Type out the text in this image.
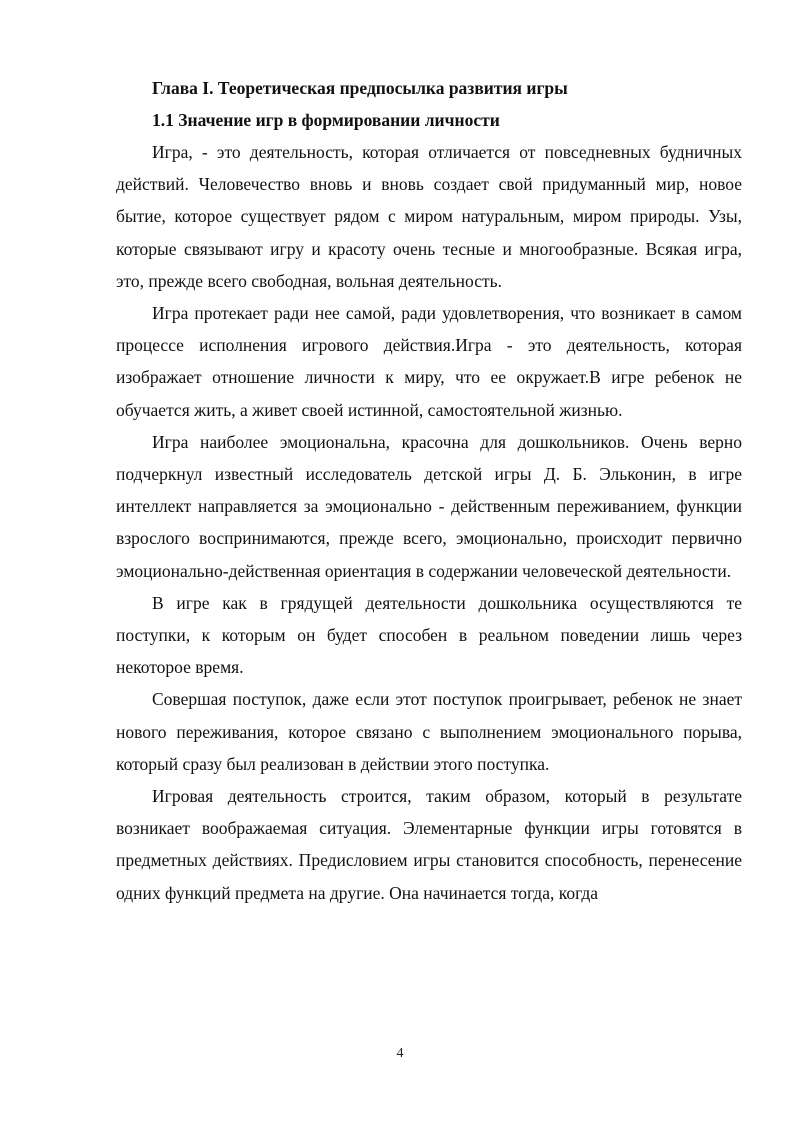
Глава I. Теоретическая предпосылка развития игры

1.1 Значение игр в формировании личности

Игра, - это деятельность, которая отличается от повседневных будничных действий. Человечество вновь и вновь создает свой придуманный мир, новое бытие, которое существует рядом с миром натуральным, миром природы. Узы, которые связывают игру и красоту очень тесные и многообразные. Всякая игра, это, прежде всего свободная, вольная деятельность.

Игра протекает ради нее самой, ради удовлетворения, что возникает в самом процессе исполнения игрового действия.Игра - это деятельность, которая изображает отношение личности к миру, что ее окружает.В игре ребенок не обучается жить, а живет своей истинной, самостоятельной жизнью.

Игра наиболее эмоциональна, красочна для дошкольников. Очень верно подчеркнул известный исследователь детской игры Д. Б. Эльконин, в игре интеллект направляется за эмоционально - действенным переживанием, функции взрослого воспринимаются, прежде всего, эмоционально, происходит первично эмоционально-действенная ориентация в содержании человеческой деятельности.

В игре как в грядущей деятельности дошкольника осуществляются те поступки, к которым он будет способен в реальном поведении лишь через некоторое время.

Совершая поступок, даже если этот поступок проигрывает, ребенок не знает нового переживания, которое связано с выполнением эмоционального порыва, который сразу был реализован в действии этого поступка.

Игровая деятельность строится, таким образом, который в результате возникает воображаемая ситуация. Элементарные функции игры готовятся в предметных действиях. Предисловием игры становится способность, перенесение одних функций предмета на другие. Она начинается тогда, когда

4
